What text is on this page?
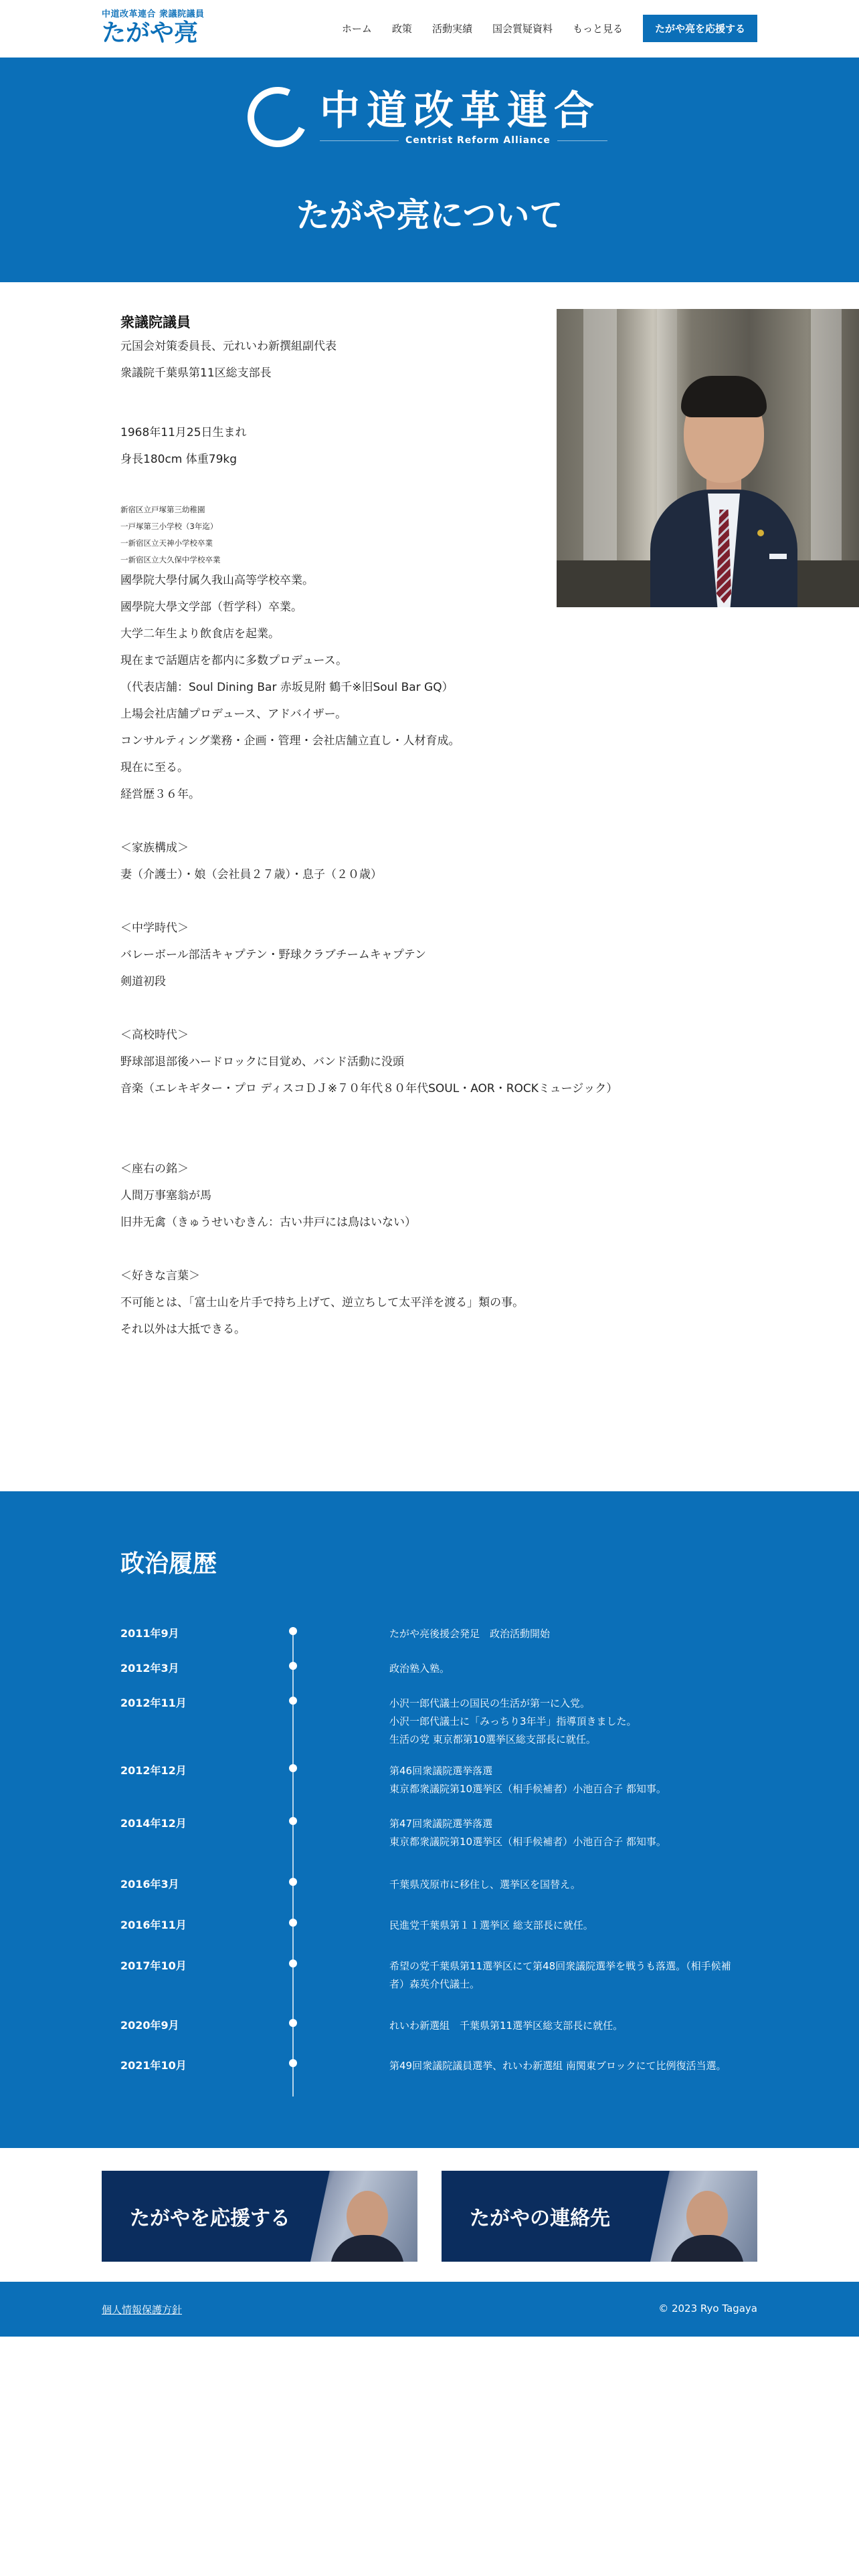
中道改革連合 衆議院議員
たがや亮	ホーム 政策 活動実績 国会質疑資料 もっと見る	たがや亮を応援する
中道改革連合
Centrist Reform Alliance
たがや亮について
衆議院議員
元国会対策委員長、元れいわ新撰組副代表
衆議院千葉県第11区総支部長
1968年11月25日生まれ
身長180cm 体重79kg
新宿区立戸塚第三幼稚園
一戸塚第三小学校（3年迄）
一新宿区立天神小学校卒業
一新宿区立大久保中学校卒業
國學院大學付属久我山高等学校卒業。
國學院大學文学部（哲学科）卒業。
大学二年生より飲食店を起業。
現在まで話題店を都内に多数プロデュース。
（代表店舗：Soul Dining Bar 赤坂見附 鶴千※旧Soul Bar GQ）
上場会社店舗プロデュース、アドバイザー。
コンサルティング業務・企画・管理・会社店舗立直し・人材育成。
現在に至る。
経営歴３６年。
＜家族構成＞
妻（介護士）・娘（会社員２７歳）・息子（２０歳）
＜中学時代＞
バレーボール部活キャプテン・野球クラブチームキャプテン
剣道初段
＜高校時代＞
野球部退部後ハードロックに目覚め、バンド活動に没頭
音楽（エレキギター・プロ ディスコＤＪ※７０年代８０年代SOUL・AOR・ROCKミュージック）
＜座右の銘＞
人間万事塞翁が馬
旧井无禽（きゅうせいむきん：古い井戸には鳥はいない）
＜好きな言葉＞
不可能とは、「富士山を片手で持ち上げて、逆立ちして太平洋を渡る」類の事。
それ以外は大抵できる。
政治履歴
2011年9月	たがや亮後援会発足　政治活動開始
2012年3月	政治塾入塾。
2012年11月	小沢一郎代議士の国民の生活が第一に入党。
小沢一郎代議士に「みっちり3年半」指導頂きました。
生活の党 東京都第10選挙区総支部長に就任。
2012年12月	第46回衆議院選挙落選
東京都衆議院第10選挙区（相手候補者）小池百合子 都知事。
2014年12月	第47回衆議院選挙落選
東京都衆議院第10選挙区（相手候補者）小池百合子 都知事。
2016年3月	千葉県茂原市に移住し、選挙区を国替え。
2016年11月	民進党千葉県第１１選挙区 総支部長に就任。
2017年10月	希望の党千葉県第11選挙区にて第48回衆議院選挙を戦うも落選。（相手候補者）森英介代議士。
2020年9月	れいわ新選組　千葉県第11選挙区総支部長に就任。
2021年10月	第49回衆議院議員選挙、れいわ新選組 南関東ブロックにて比例復活当選。
たがやを応援する	たがやの連絡先
個人情報保護方針	© 2023 Ryo Tagaya
